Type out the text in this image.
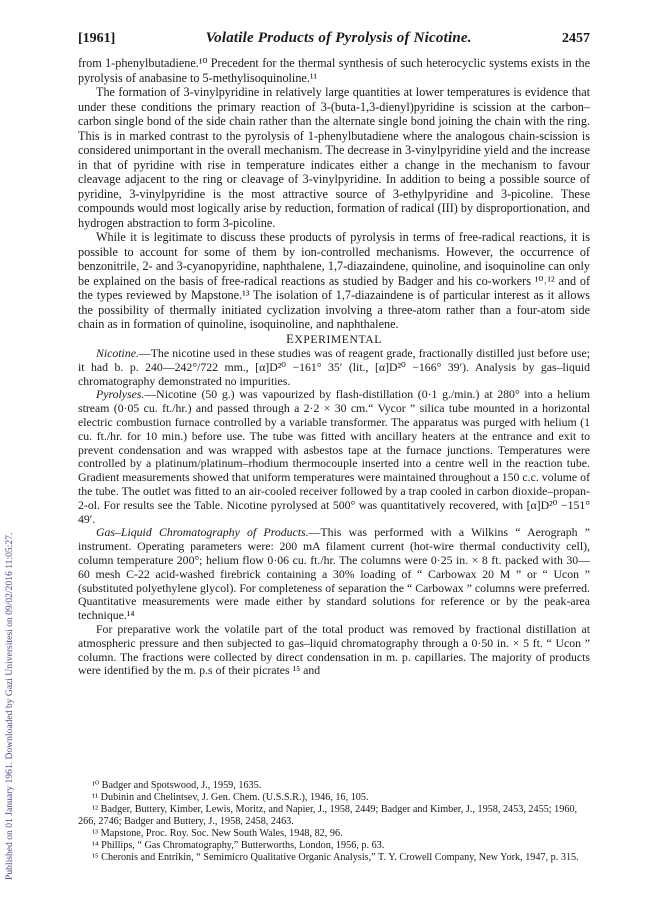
Published on 01 January 1961. Downloaded by Gazi Universitesi on 09/02/2016 11:05:27.
[1961]	Volatile Products of Pyrolysis of Nicotine.	2457

from 1-phenylbutadiene.¹⁰ Precedent for the thermal synthesis of such heterocyclic systems exists in the pyrolysis of anabasine to 5-methylisoquinoline.¹¹

The formation of 3-vinylpyridine in relatively large quantities at lower temperatures is evidence that under these conditions the primary reaction of 3-(buta-1,3-dienyl)pyridine is scission at the carbon–carbon single bond of the side chain rather than the alternate single bond joining the chain with the ring. This is in marked contrast to the pyrolysis of 1-phenylbutadiene where the analogous chain-scission is considered unimportant in the overall mechanism. The decrease in 3-vinylpyridine yield and the increase in that of pyridine with rise in temperature indicates either a change in the mechanism to favour cleavage adjacent to the ring or cleavage of 3-vinylpyridine. In addition to being a possible source of pyridine, 3-vinylpyridine is the most attractive source of 3-ethylpyridine and 3-picoline. These compounds would most logically arise by reduction, formation of radical (III) by disproportionation, and hydrogen abstraction to form 3-picoline.

While it is legitimate to discuss these products of pyrolysis in terms of free-radical reactions, it is possible to account for some of them by ion-controlled mechanisms. However, the occurrence of benzonitrile, 2- and 3-cyanopyridine, naphthalene, 1,7-diazaindene, quinoline, and isoquinoline can only be explained on the basis of free-radical reactions as studied by Badger and his co-workers ¹⁰˒¹² and of the types reviewed by Mapstone.¹³ The isolation of 1,7-diazaindene is of particular interest as it allows the possibility of thermally initiated cyclization involving a three-atom rather than a four-atom side chain as in formation of quinoline, isoquinoline, and naphthalene.

EXPERIMENTAL

Nicotine.—The nicotine used in these studies was of reagent grade, fractionally distilled just before use; it had b. p. 240—242°/722 mm., [α]D²⁰ −161° 35′ (lit., [α]D²⁰ −166° 39′). Analysis by gas–liquid chromatography demonstrated no impurities.

Pyrolyses.—Nicotine (50 g.) was vapourized by flash-distillation (0·1 g./min.) at 280° into a helium stream (0·05 cu. ft./hr.) and passed through a 2·2 × 30 cm.“ Vycor ” silica tube mounted in a horizontal electric combustion furnace controlled by a variable transformer. The apparatus was purged with helium (1 cu. ft./hr. for 10 min.) before use. The tube was fitted with ancillary heaters at the entrance and exit to prevent condensation and was wrapped with asbestos tape at the furnace junctions. Temperatures were controlled by a platinum/platinum–rhodium thermocouple inserted into a centre well in the reaction tube. Gradient measurements showed that uniform temperatures were maintained throughout a 150 c.c. volume of the tube. The outlet was fitted to an air-cooled receiver followed by a trap cooled in carbon dioxide–propan-2-ol. For results see the Table. Nicotine pyrolysed at 500° was quantitatively recovered, with [α]D²⁰ −151° 49′.

Gas–Liquid Chromatography of Products.—This was performed with a Wilkins “ Aerograph ” instrument. Operating parameters were: 200 mA filament current (hot-wire thermal conductivity cell), column temperature 200°; helium flow 0·06 cu. ft./hr. The columns were 0·25 in. × 8 ft. packed with 30—60 mesh C-22 acid-washed firebrick containing a 30% loading of “ Carbowax 20 M ” or “ Ucon ” (substituted polyethylene glycol). For completeness of separation the “ Carbowax ” columns were preferred. Quantitative measurements were made either by standard solutions for reference or by the peak-area technique.¹⁴

For preparative work the volatile part of the total product was removed by fractional distillation at atmospheric pressure and then subjected to gas–liquid chromatography through a 0·50 in. × 5 ft. “ Ucon ” column. The fractions were collected by direct condensation in m. p. capillaries. The majority of products were identified by the m. p.s of their picrates ¹⁵ and

¹⁰ Badger and Spotswood, J., 1959, 1635.

¹¹ Dubinin and Chelintsev, J. Gen. Chem. (U.S.S.R.), 1946, 16, 105.

¹² Badger, Buttery, Kimber, Lewis, Moritz, and Napier, J., 1958, 2449; Badger and Kimber, J., 1958, 2453, 2455; 1960, 266, 2746; Badger and Buttery, J., 1958, 2458, 2463.

¹³ Mapstone, Proc. Roy. Soc. New South Wales, 1948, 82, 96.

¹⁴ Phillips, “ Gas Chromatography,” Butterworths, London, 1956, p. 63.

¹⁵ Cheronis and Entrikin, “ Semimicro Qualitative Organic Analysis,” T. Y. Crowell Company, New York, 1947, p. 315.
